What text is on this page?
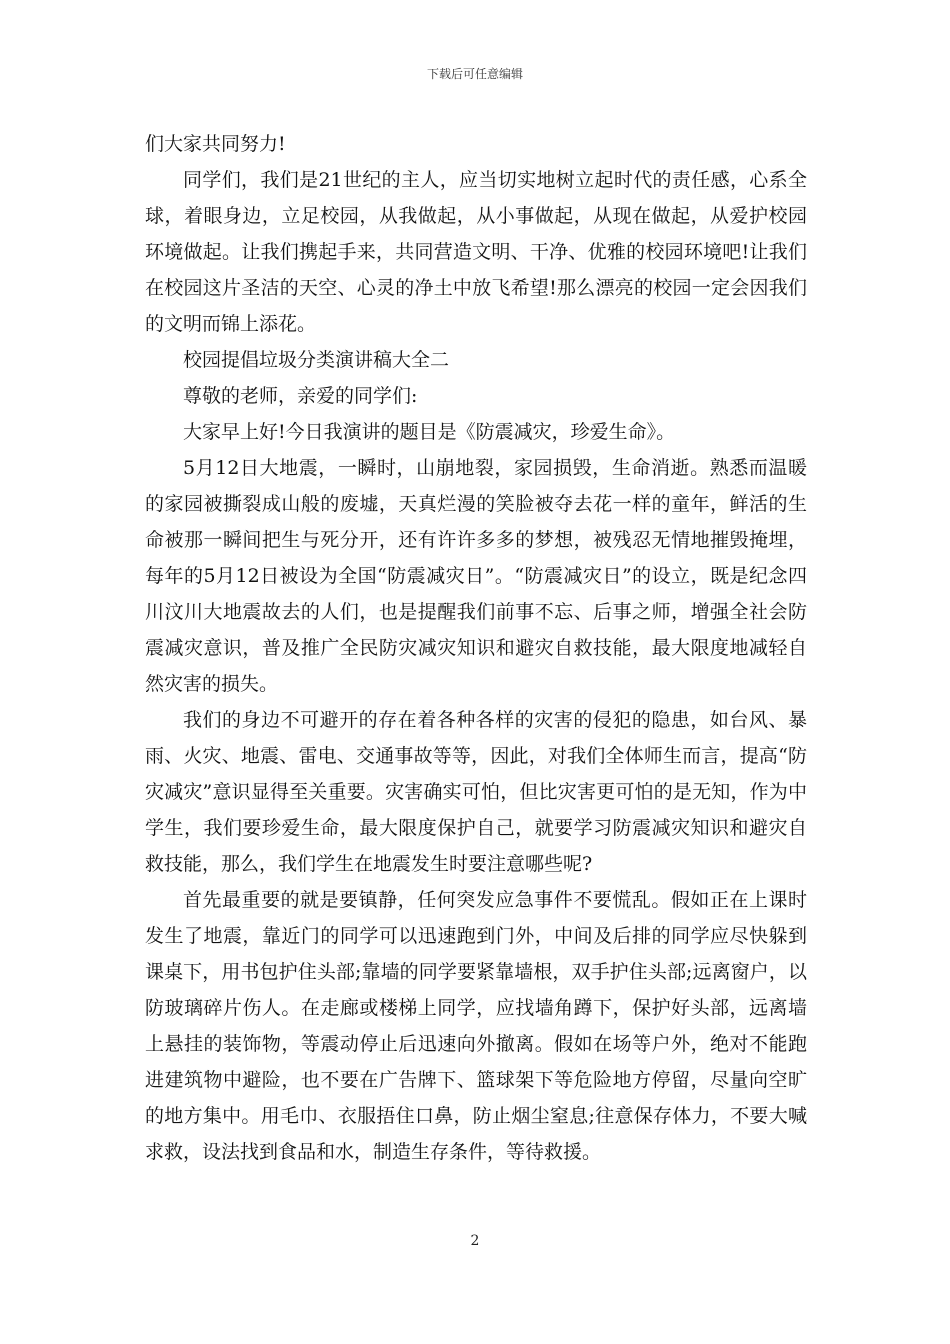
下载后可任意编辑

们大家共同努力!

同学们，我们是21世纪的主人，应当切实地树立起时代的责任感，心系全球，着眼身边，立足校园，从我做起，从小事做起，从现在做起，从爱护校园环境做起。让我们携起手来，共同营造文明、干净、优雅的校园环境吧!让我们在校园这片圣洁的天空、心灵的净土中放飞希望!那么漂亮的校园一定会因我们的文明而锦上添花。

校园提倡垃圾分类演讲稿大全二

尊敬的老师，亲爱的同学们:

大家早上好!今日我演讲的题目是《防震减灾，珍爱生命》。

5月12日大地震，一瞬时，山崩地裂，家园损毁，生命消逝。熟悉而温暖的家园被撕裂成山般的废墟，天真烂漫的笑脸被夺去花一样的童年，鲜活的生命被那一瞬间把生与死分开，还有许许多多的梦想，被残忍无情地摧毁掩埋，每年的5月12日被设为全国“防震减灾日”。“防震减灾日”的设立，既是纪念四川汶川大地震故去的人们，也是提醒我们前事不忘、后事之师，增强全社会防震减灾意识，普及推广全民防灾减灾知识和避灾自救技能，最大限度地减轻自然灾害的损失。

我们的身边不可避开的存在着各种各样的灾害的侵犯的隐患，如台风、暴雨、火灾、地震、雷电、交通事故等等，因此，对我们全体师生而言，提高“防灾减灾”意识显得至关重要。灾害确实可怕，但比灾害更可怕的是无知，作为中学生，我们要珍爱生命，最大限度保护自己，就要学习防震减灾知识和避灾自救技能，那么，我们学生在地震发生时要注意哪些呢?

首先最重要的就是要镇静，任何突发应急事件不要慌乱。假如正在上课时发生了地震，靠近门的同学可以迅速跑到门外，中间及后排的同学应尽快躲到课桌下，用书包护住头部;靠墙的同学要紧靠墙根，双手护住头部;远离窗户，以防玻璃碎片伤人。在走廊或楼梯上同学，应找墙角蹲下，保护好头部，远离墙上悬挂的装饰物，等震动停止后迅速向外撤离。假如在场等户外，绝对不能跑进建筑物中避险，也不要在广告牌下、篮球架下等危险地方停留，尽量向空旷的地方集中。用毛巾、衣服捂住口鼻，防止烟尘窒息;往意保存体力，不要大喊求救，设法找到食品和水，制造生存条件，等待救援。

2
